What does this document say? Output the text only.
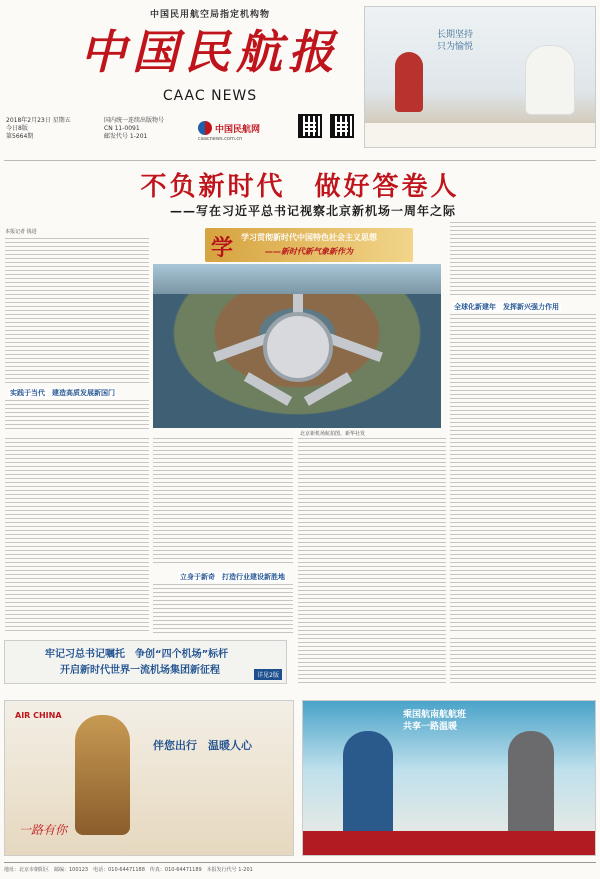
中国民用航空局指定机构物
中国民航报
CAAC NEWS
2018年2月23日 星期五
今日8版
第5664期
国内统一连续出版物号
CN 11-0091
邮发代号 1-201
中国民航网
caacnews.com.cn
长期坚持
只为愉悦
不负新时代　做好答卷人
——写在习近平总书记视察北京新机场一周年之际
本报记者 钱进
实践于当代　建造高质发展新国门
学 学习贯彻新时代中国特色社会主义思想
——新时代新气象新作为
北京新机场航拍图。新华社发
全球化新建年　发挥新兴强力作用
立身于新奇　打造行业建设新胜地
牢记习总书记嘱托　争创“四个机场”标杆
开启新时代世界一流机场集团新征程	详见2版
AIR CHINA
伴您出行　温暖人心
一路有你
乘国航南航航班
共享一路温暖
地址：北京市朝阳区　邮编：100123　电话：010-64471188　传真：010-64471189　本报发行代号 1-201
